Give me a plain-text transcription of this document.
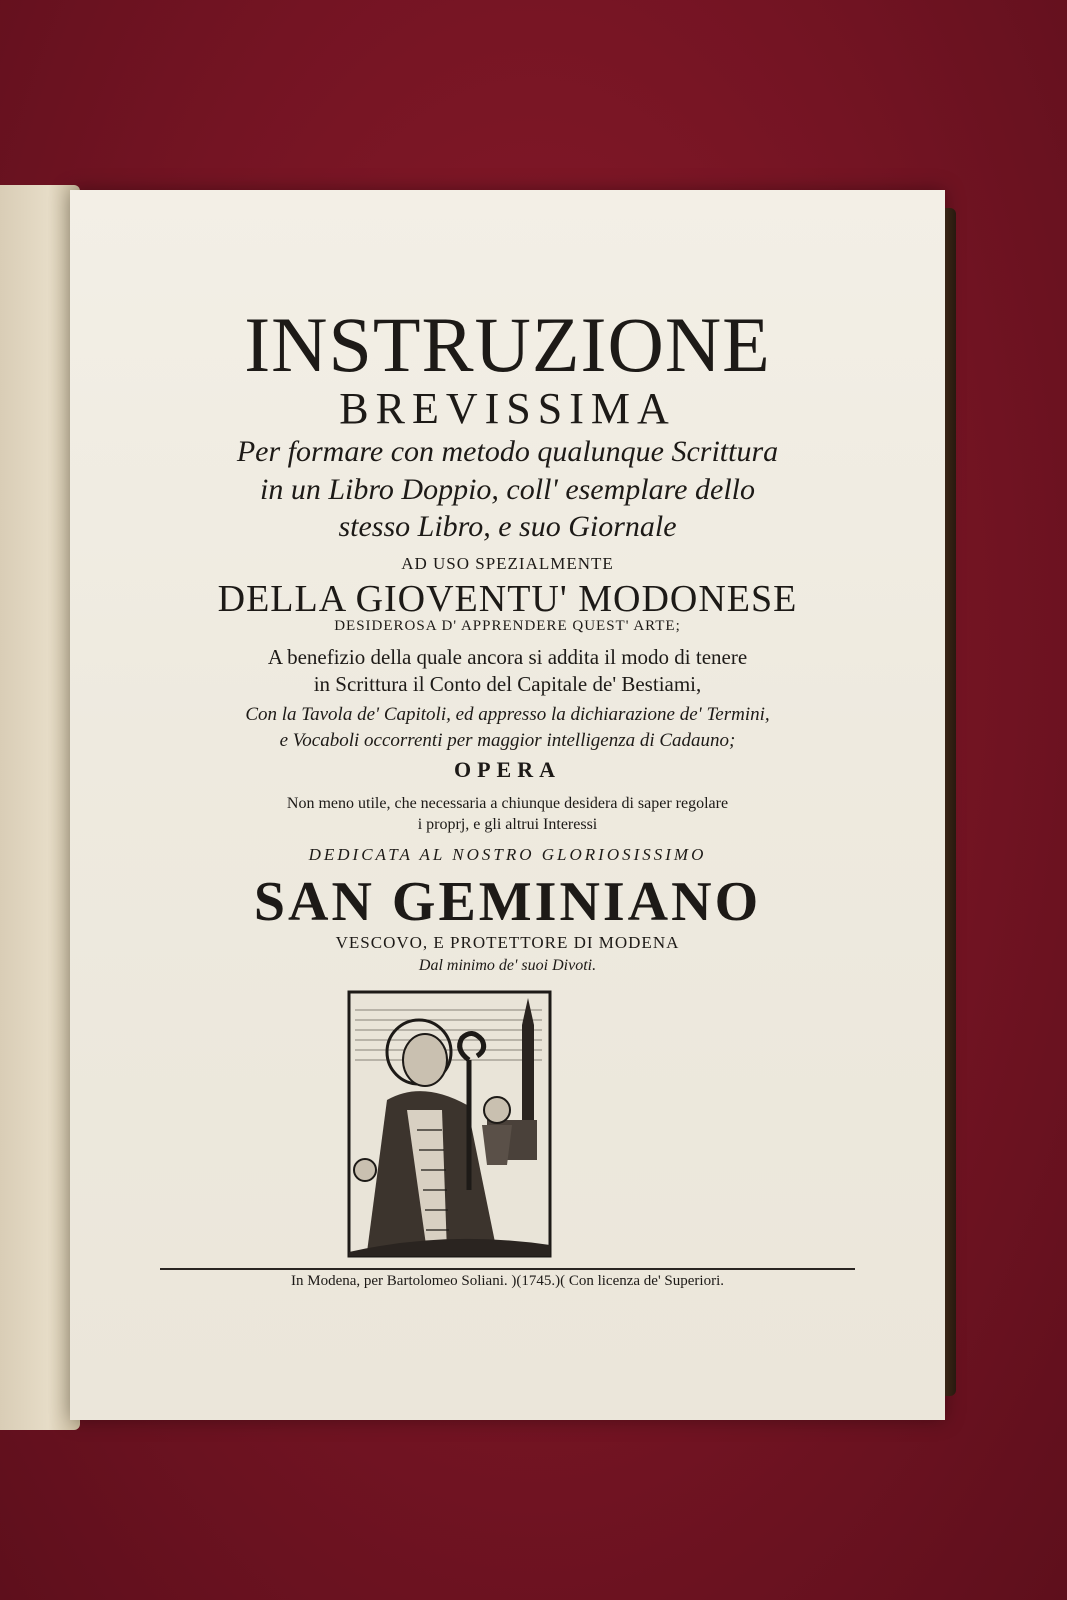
INSTRUZIONE
BREVISSIMA
Per formare con metodo qualunque Scrittura
in un Libro Doppio, coll' esemplare dello
stesso Libro, e suo Giornale
AD USO SPEZIALMENTE
DELLA GIOVENTU' MODONESE
DESIDEROSA D' APPRENDERE QUEST' ARTE;
A benefizio della quale ancora si addita il modo di tenere
in Scrittura il Conto del Capitale de' Bestiami,
Con la Tavola de' Capitoli, ed appresso la dichiarazione de' Termini,
e Vocaboli occorrenti per maggior intelligenza di Cadauno;
OPERA
Non meno utile, che necessaria a chiunque desidera di saper regolare
i proprj, e gli altrui Interessi
DEDICATA AL NOSTRO GLORIOSISSIMO
SAN GEMINIANO
VESCOVO, E PROTETTORE DI MODENA
Dal minimo de' suoi Divoti.
In Modena, per Bartolomeo Soliani. )(1745.)( Con licenza de' Superiori.
